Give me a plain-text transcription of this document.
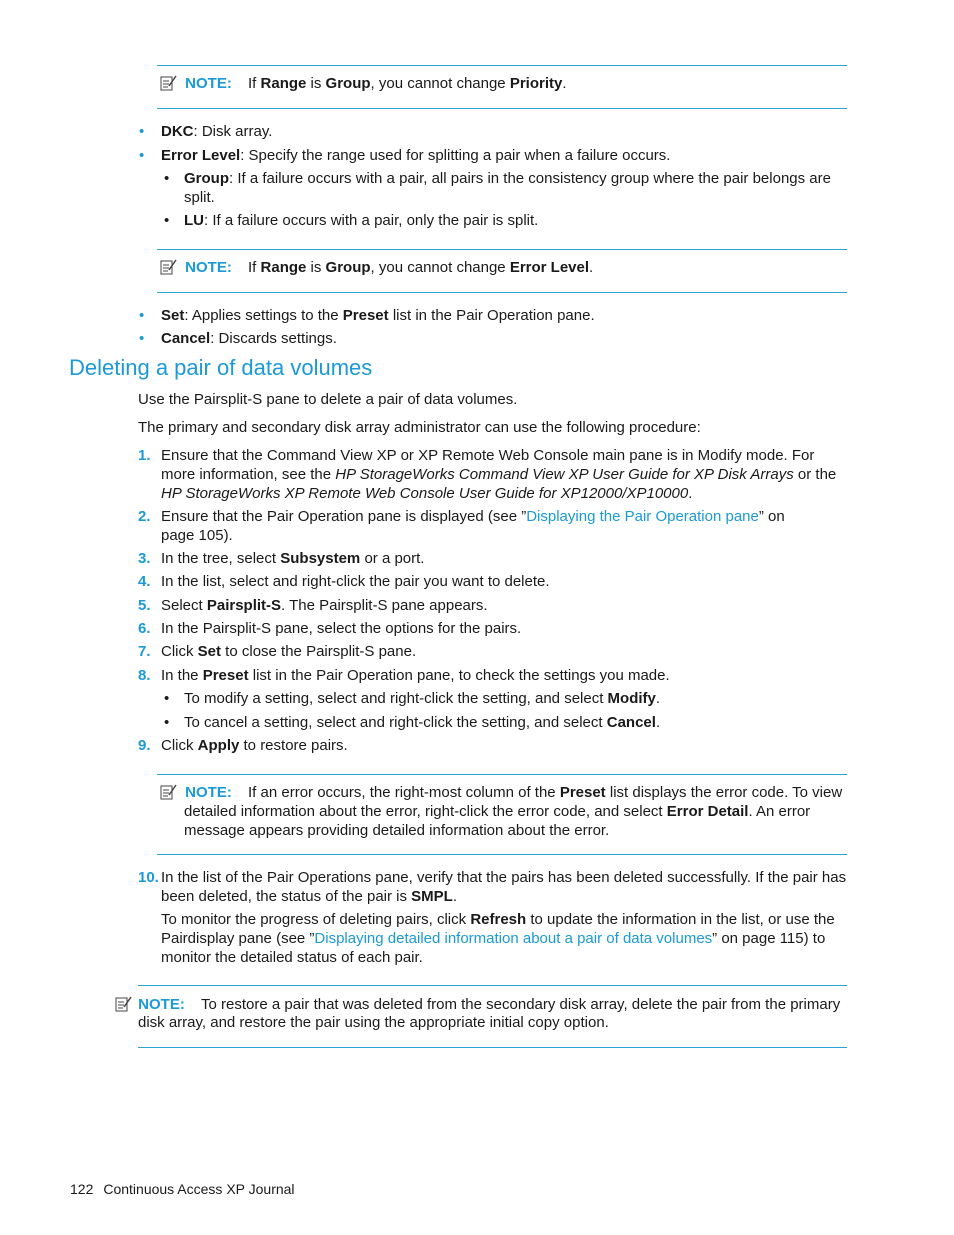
NOTE: If Range is Group, you cannot change Priority.
• DKC: Disk array.
• Error Level: Specify the range used for splitting a pair when a failure occurs.
• Group: If a failure occurs with a pair, all pairs in the consistency group where the pair belongs are
split.
• LU: If a failure occurs with a pair, only the pair is split.
NOTE: If Range is Group, you cannot change Error Level.
• Set: Applies settings to the Preset list in the Pair Operation pane.
• Cancel: Discards settings.
Deleting a pair of data volumes
Use the Pairsplit-S pane to delete a pair of data volumes.
The primary and secondary disk array administrator can use the following procedure:
1. Ensure that the Command View XP or XP Remote Web Console main pane is in Modify mode. For
more information, see the HP StorageWorks Command View XP User Guide for XP Disk Arrays or the
HP StorageWorks XP Remote Web Console User Guide for XP12000/XP10000.
2. Ensure that the Pair Operation pane is displayed (see ”Displaying the Pair Operation pane” on
page 105).
3. In the tree, select Subsystem or a port.
4. In the list, select and right-click the pair you want to delete.
5. Select Pairsplit-S. The Pairsplit-S pane appears.
6. In the Pairsplit-S pane, select the options for the pairs.
7. Click Set to close the Pairsplit-S pane.
8. In the Preset list in the Pair Operation pane, to check the settings you made.
• To modify a setting, select and right-click the setting, and select Modify.
• To cancel a setting, select and right-click the setting, and select Cancel.
9. Click Apply to restore pairs.
NOTE: If an error occurs, the right-most column of the Preset list displays the error code. To view
detailed information about the error, right-click the error code, and select Error Detail. An error
message appears providing detailed information about the error.
10. In the list of the Pair Operations pane, verify that the pairs has been deleted successfully. If the pair has
been deleted, the status of the pair is SMPL.
To monitor the progress of deleting pairs, click Refresh to update the information in the list, or use the
Pairdisplay pane (see ”Displaying detailed information about a pair of data volumes” on page 115) to
monitor the detailed status of each pair.
NOTE: To restore a pair that was deleted from the secondary disk array, delete the pair from the primary
disk array, and restore the pair using the appropriate initial copy option.
122 Continuous Access XP Journal
